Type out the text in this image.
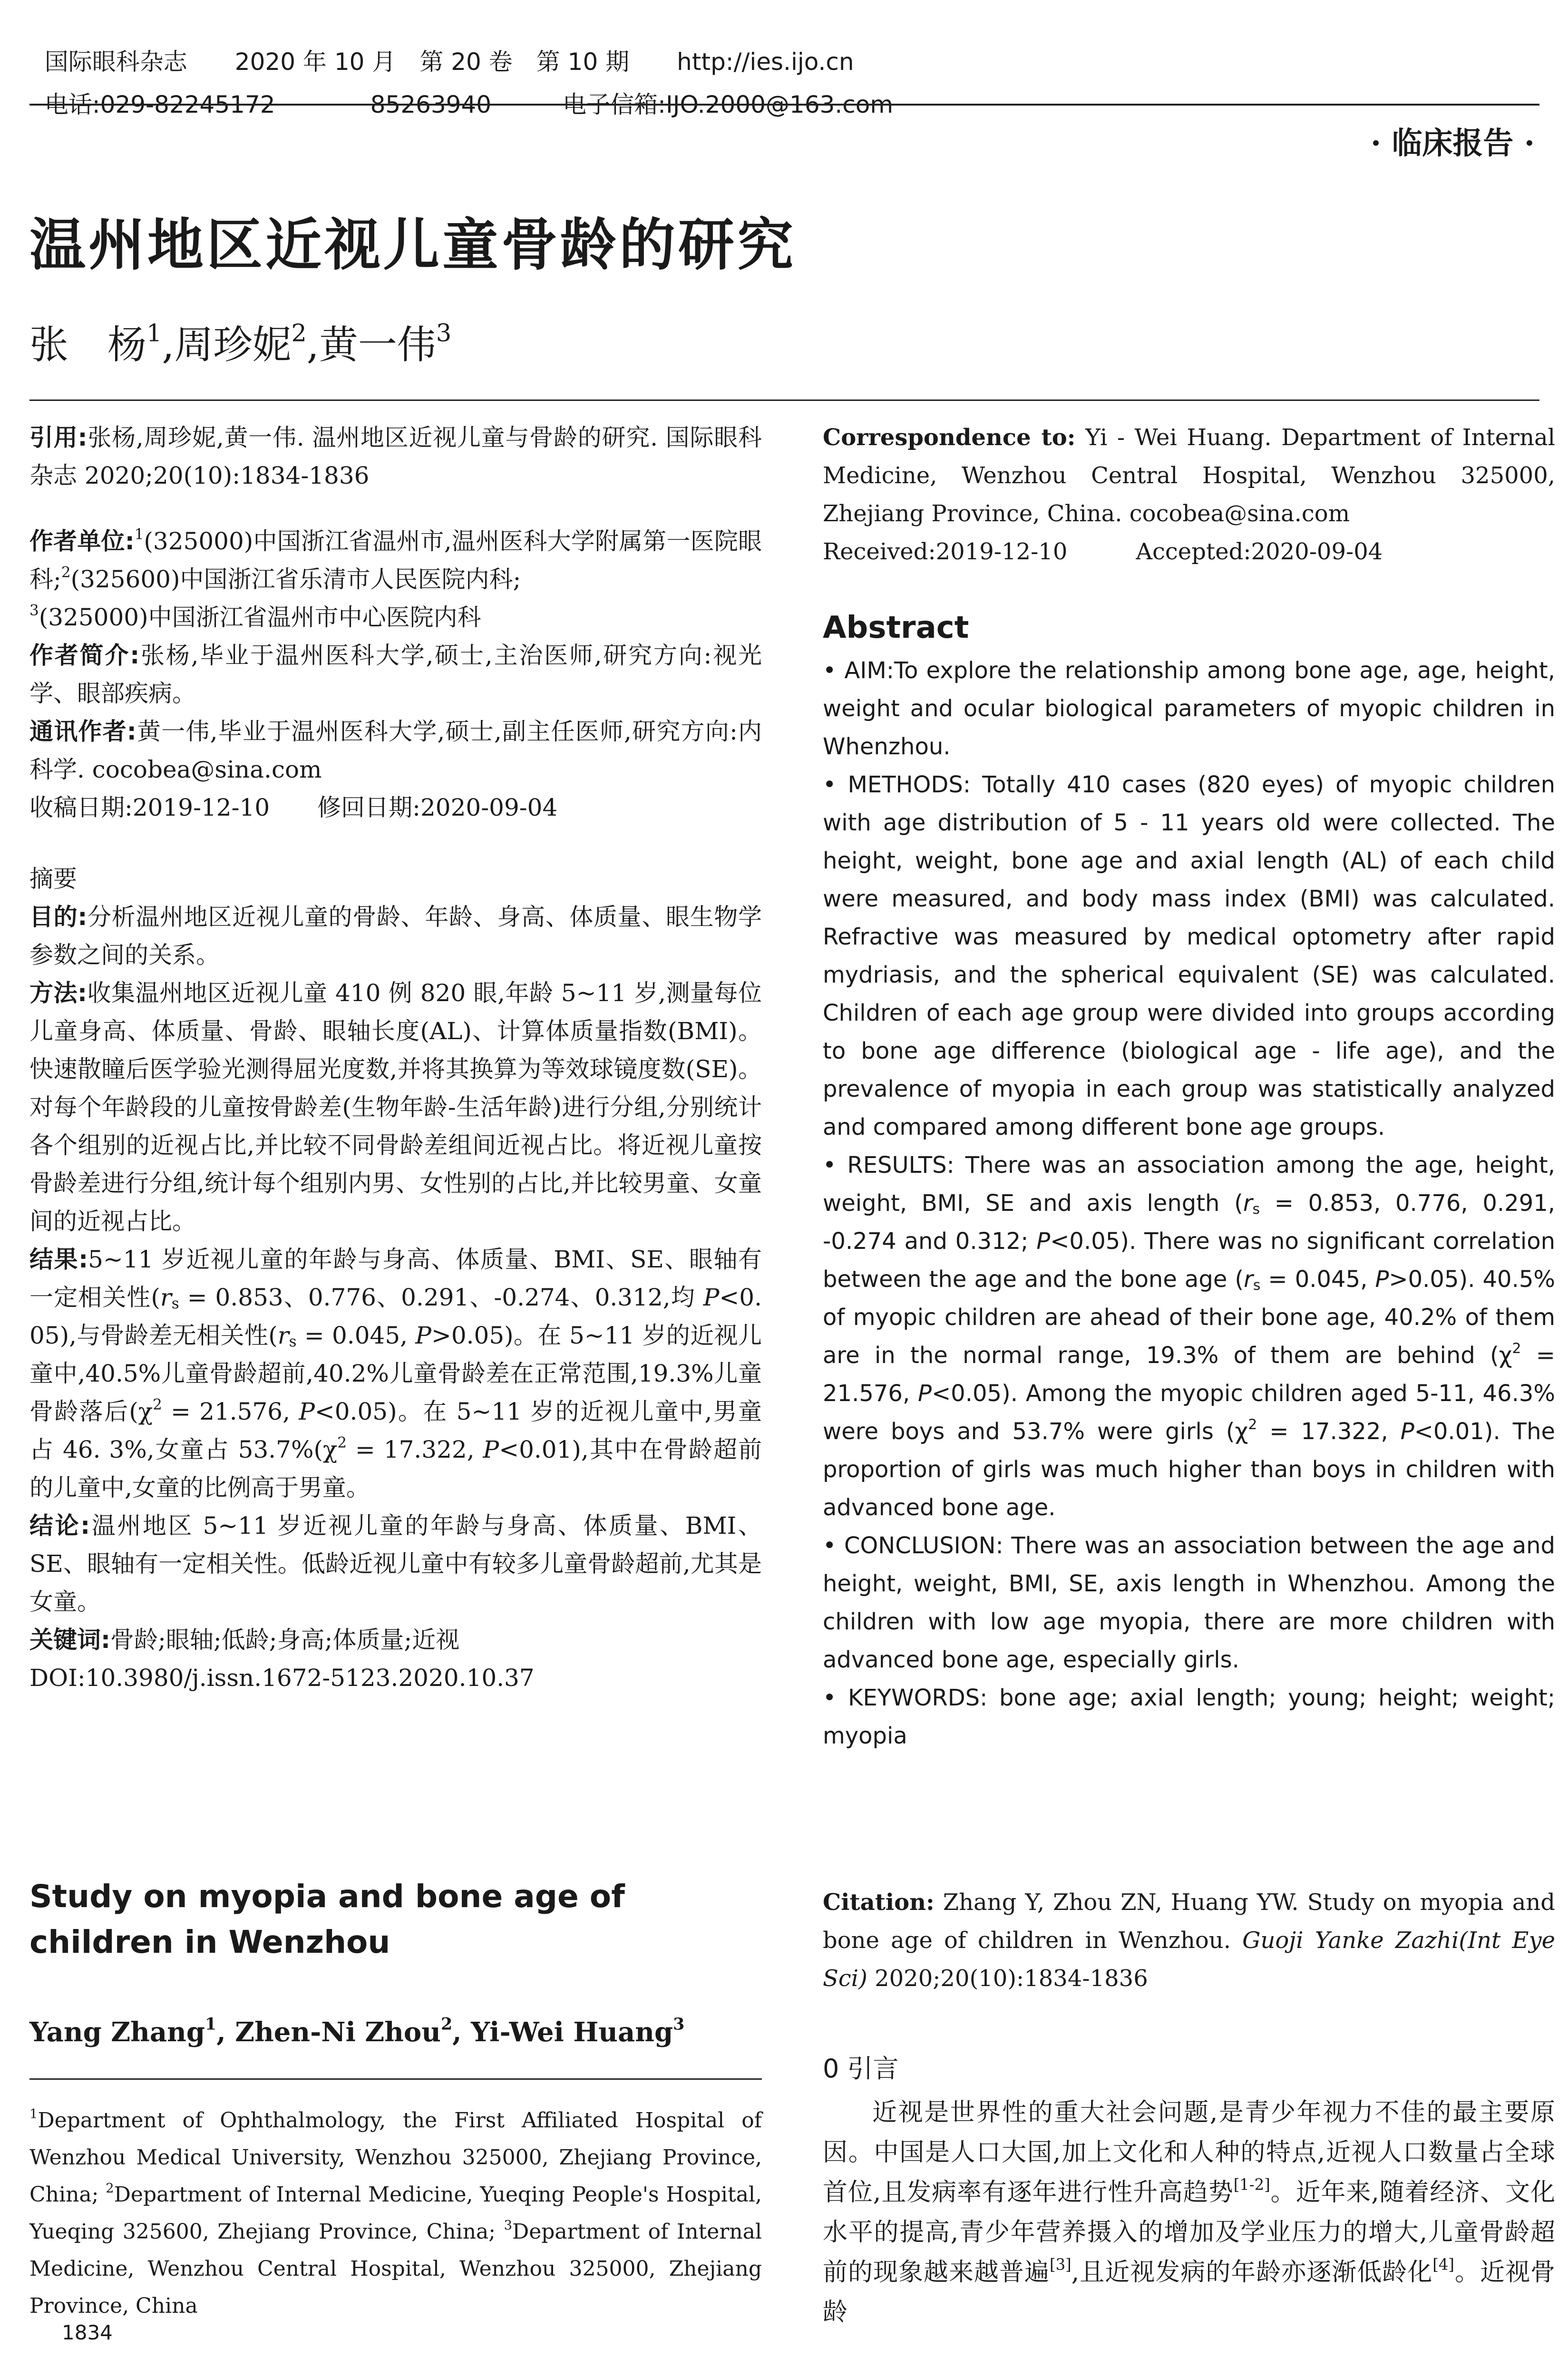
国际眼科杂志　　 2020 年 10 月　第 20 卷　第 10 期　　 http://ies.ijo.cn

电话:029-82245172　　　　	85263940　　　	电子信箱:IJO.2000@163.com

· 临床报告 ·
温州地区近视儿童骨龄的研究
张　杨$^1$,周珍妮$^2$,黄一伟$^3$

引用:张杨,周珍妮,黄一伟. 温州地区近视儿童与骨龄的研究. 国际眼科杂志 2020;20(10):1834-1836

作者单位:$^1$(325000)中国浙江省温州市,温州医科大学附属第一医院眼科;$^2$(325600)中国浙江省乐清市人民医院内科;
$^3$(325000)中国浙江省温州市中心医院内科

作者简介:张杨,毕业于温州医科大学,硕士,主治医师,研究方向:视光学、眼部疾病。

通讯作者:黄一伟,毕业于温州医科大学,硕士,副主任医师,研究方向:内科学. cocobea@sina.com

收稿日期:2019-12-10　　 修回日期:2020-09-04

摘要

目的:分析温州地区近视儿童的骨龄、年龄、身高、体质量、眼生物学参数之间的关系。

方法:收集温州地区近视儿童 410 例 820 眼,年龄 5~11 岁,测量每位儿童身高、体质量、骨龄、眼轴长度(AL)、计算体质量指数(BMI)。快速散瞳后医学验光测得屈光度数,并将其换算为等效球镜度数(SE)。对每个年龄段的儿童按骨龄差(生物年龄-生活年龄)进行分组,分别统计各个组别的近视占比,并比较不同骨龄差组间近视占比。将近视儿童按骨龄差进行分组,统计每个组别内男、女性别的占比,并比较男童、女童间的近视占比。

结果:5~11 岁近视儿童的年龄与身高、体质量、BMI、SE、眼轴有一定相关性($r_s = 0.853$、0.776、0.291、-0.274、0.312,均 P<0. 05),与骨龄差无相关性($r_s = 0.045$, P>0.05)。在 5~11 岁的近视儿童中,40.5%儿童骨龄超前,40.2%儿童骨龄差在正常范围,19.3%儿童骨龄落后($\chi^2 = 21.576$, P<0.05)。在 5~11 岁的近视儿童中,男童占 46. 3%,女童占 $53.7\%(\chi^2 = 17.322$, P<0.01),其中在骨龄超前的儿童中,女童的比例高于男童。

结论:温州地区 5~11 岁近视儿童的年龄与身高、体质量、BMI、SE、眼轴有一定相关性。低龄近视儿童中有较多儿童骨龄超前,尤其是女童。

关键词:骨龄;眼轴;低龄;身高;体质量;近视

DOI:10.3980/j.issn.1672-5123.2020.10.37

Study on myopia and bone age of children in Wenzhou
Yang Zhang$^1$, Zhen-Ni Zhou$^2$, Yi-Wei Huang$^3$

$^1$Department of Ophthalmology, the First Affiliated Hospital of Wenzhou Medical University, Wenzhou 325000, Zhejiang Province, China; $^2$Department of Internal Medicine, Yueqing People's Hospital, Yueqing 325600, Zhejiang Province, China; $^3$Department of Internal Medicine, Wenzhou Central Hospital, Wenzhou 325000, Zhejiang Province, China

1834

Correspondence to: Yi - Wei Huang. Department of Internal Medicine, Wenzhou Central Hospital, Wenzhou 325000, Zhejiang Province, China. cocobea@sina.com

Received:2019-12-10　　　	Accepted:2020-09-04

Abstract

• AIM:To explore the relationship among bone age, age, height, weight and ocular biological parameters of myopic children in Whenzhou.

• METHODS: Totally 410 cases (820 eyes) of myopic children with age distribution of 5 - 11 years old were collected. The height, weight, bone age and axial length (AL) of each child were measured, and body mass index (BMI) was calculated. Refractive was measured by medical optometry after rapid mydriasis, and the spherical equivalent (SE) was calculated. Children of each age group were divided into groups according to bone age difference (biological age - life age), and the prevalence of myopia in each group was statistically analyzed and compared among different bone age groups.

• RESULTS: There was an association among the age, height, weight, BMI, SE and axis length ($r_s = 0.853$, 0.776, 0.291, -0.274 and 0.312; P<0.05). There was no significant correlation between the age and the bone age ($r_s = 0.045$, P>0.05). 40.5% of myopic children are ahead of their bone age, 40.2% of them are in the normal range, 19.3% of them are behind ($\chi^2 = 21.576$, P<0.05). Among the myopic children aged 5-11, 46.3% were boys and 53.7% were girls ($\chi^2 = 17.322$, P<0.01). The proportion of girls was much higher than boys in children with advanced bone age.

• CONCLUSION: There was an association between the age and height, weight, BMI, SE, axis length in Whenzhou. Among the children with low age myopia, there are more children with advanced bone age, especially girls.

• KEYWORDS: bone age; axial length; young; height; weight; myopia

Citation: Zhang Y, Zhou ZN, Huang YW. Study on myopia and bone age of children in Wenzhou. Guoji Yanke Zazhi(Int Eye Sci) 2020;20(10):1834-1836

0 引言

近视是世界性的重大社会问题,是青少年视力不佳的最主要原因。中国是人口大国,加上文化和人种的特点,近视人口数量占全球首位,且发病率有逐年进行性升高趋势[1-2]。近年来,随着经济、文化水平的提高,青少年营养摄入的增加及学业压力的增大,儿童骨龄超前的现象越来越普遍[3],且近视发病的年龄亦逐渐低龄化[4]。近视骨龄
